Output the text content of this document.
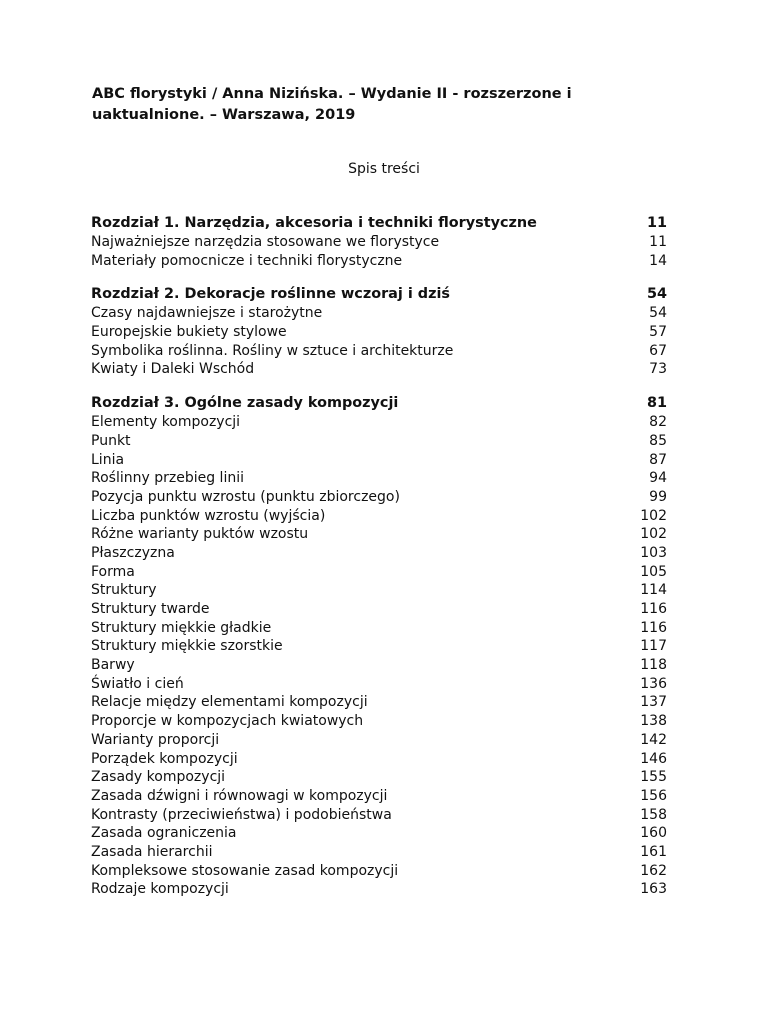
ABC florystyki / Anna Nizińska. – Wydanie II - rozszerzone i uaktualnione. – Warszawa, 2019
Spis treści
Rozdział 1. Narzędzia, akcesoria i techniki florystyczne	11
Najważniejsze narzędzia stosowane we florystyce	11
Materiały pomocnicze i techniki florystyczne	14
Rozdział 2. Dekoracje roślinne wczoraj i dziś	54
Czasy najdawniejsze i starożytne	54
Europejskie bukiety stylowe	57
Symbolika roślinna. Rośliny w sztuce i architekturze	67
Kwiaty i Daleki Wschód	73
Rozdział 3. Ogólne zasady kompozycji	81
Elementy kompozycji	82
Punkt	85
Linia	87
Roślinny przebieg linii	94
Pozycja punktu wzrostu (punktu zbiorczego)	99
Liczba punktów wzrostu (wyjścia)	102
Różne warianty puktów wzostu	102
Płaszczyzna	103
Forma	105
Struktury	114
Struktury twarde	116
Struktury miękkie gładkie	116
Struktury miękkie szorstkie	117
Barwy	118
Światło i cień	136
Relacje między elementami kompozycji	137
Proporcje w kompozycjach kwiatowych	138
Warianty proporcji	142
Porządek kompozycji	146
Zasady kompozycji	155
Zasada dźwigni i równowagi w kompozycji	156
Kontrasty (przeciwieństwa) i podobieństwa	158
Zasada ograniczenia	160
Zasada hierarchii	161
Kompleksowe stosowanie zasad kompozycji	162
Rodzaje kompozycji	163
